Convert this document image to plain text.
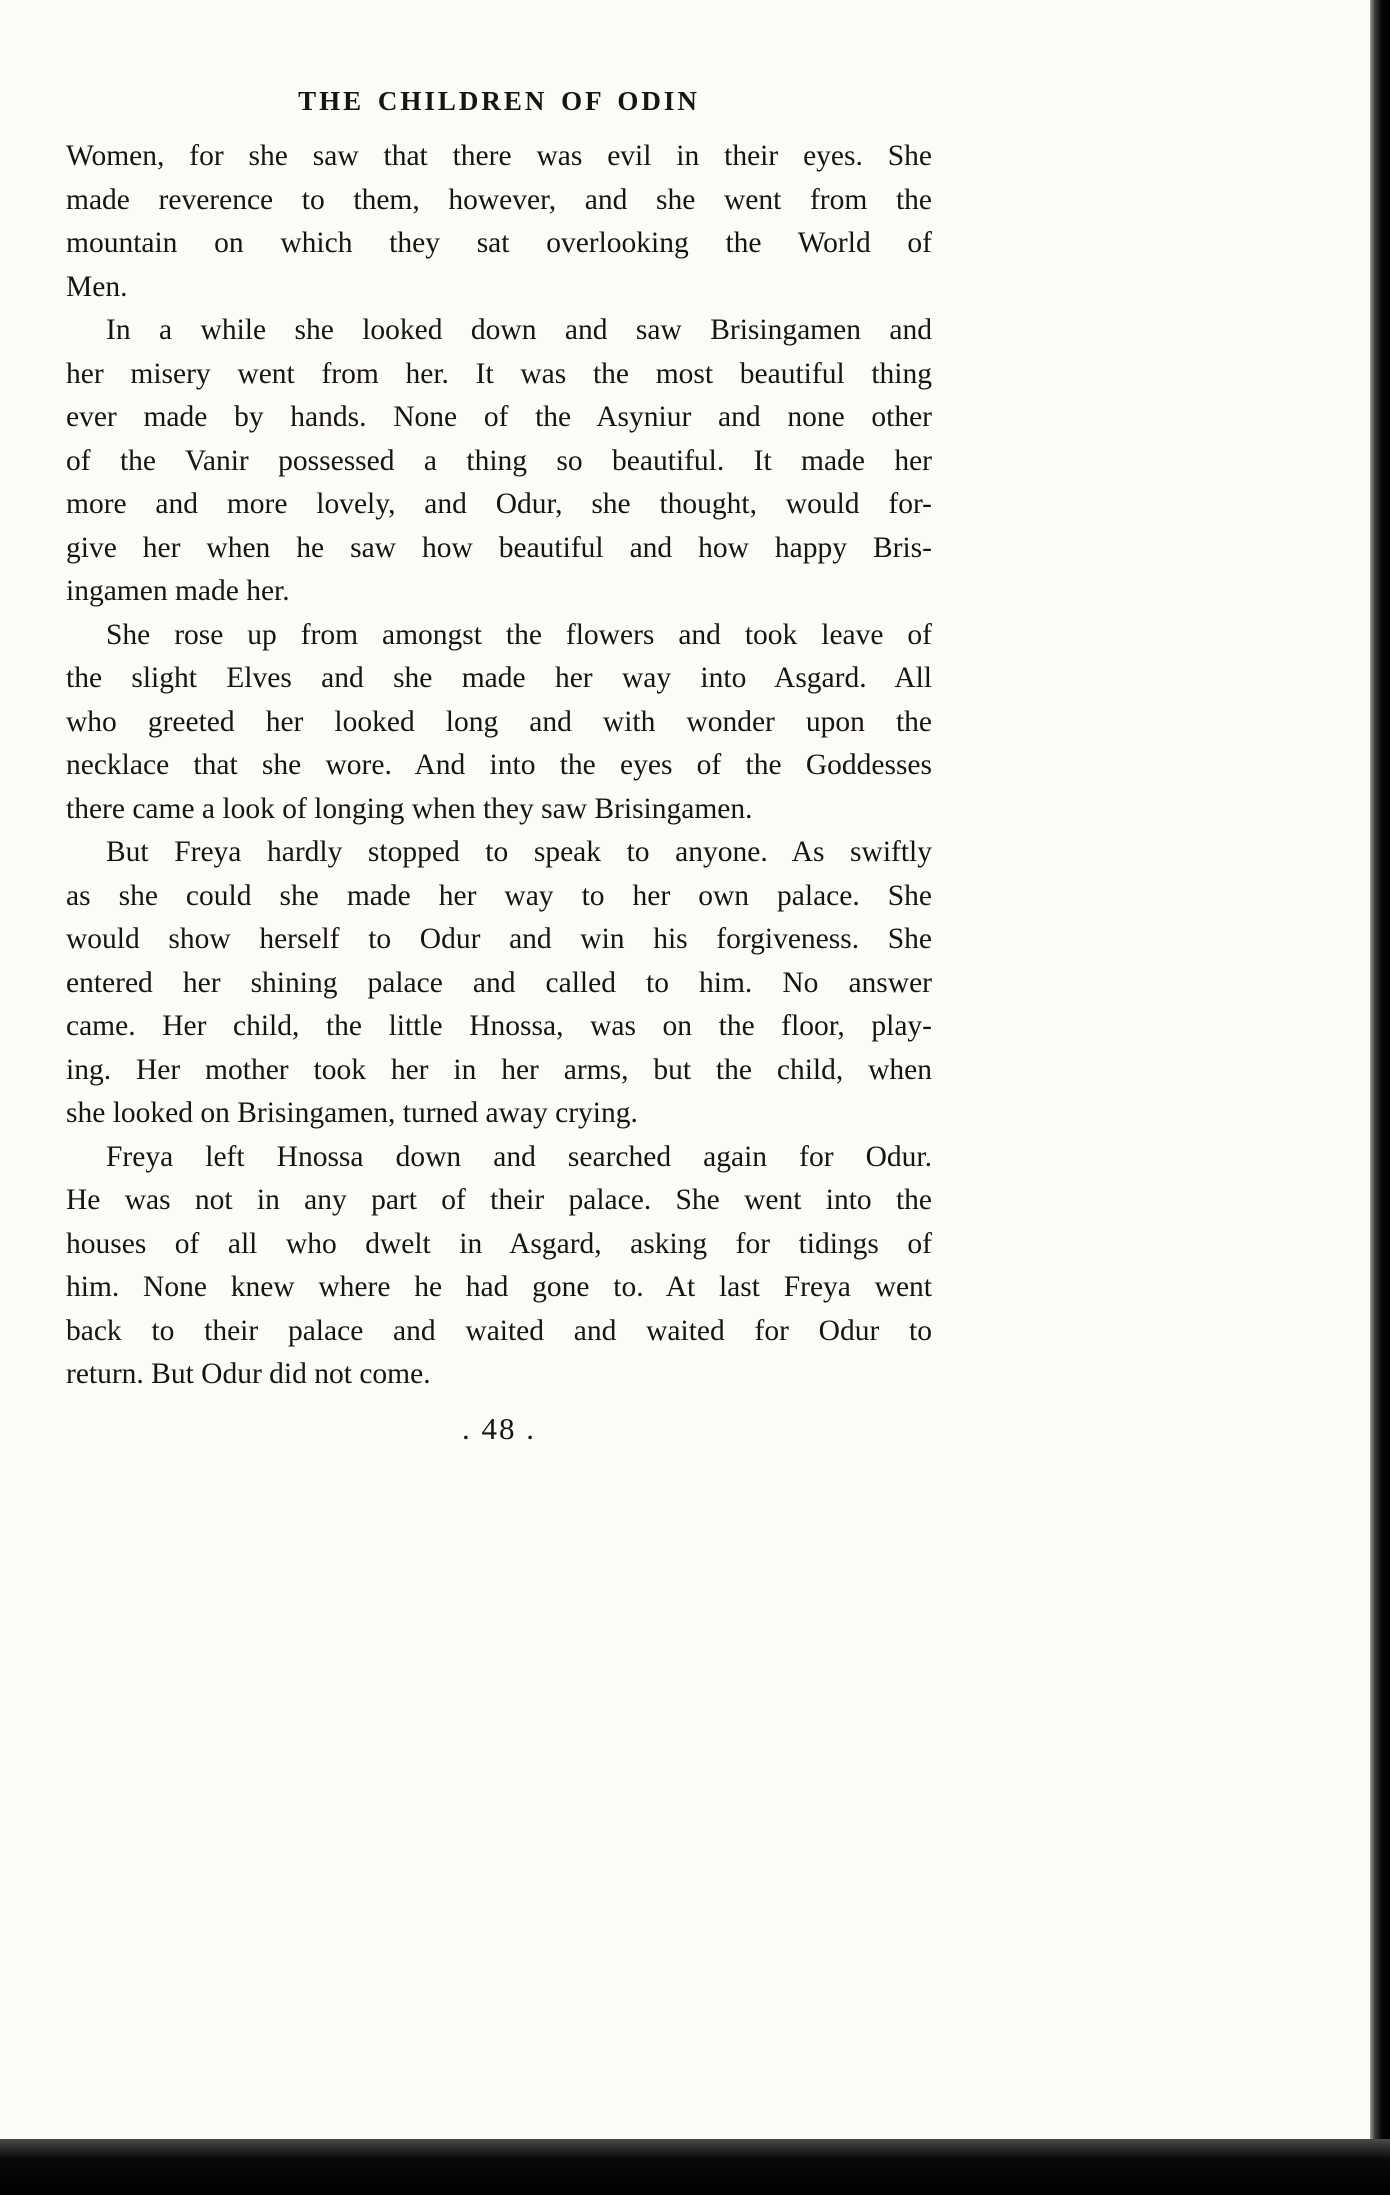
THE CHILDREN OF ODIN
Women, for she saw that there was evil in their eyes. She
made reverence to them, however, and she went from the
mountain on which they sat overlooking the World of
Men.
In a while she looked down and saw Brisingamen and
her misery went from her. It was the most beautiful thing
ever made by hands. None of the Asyniur and none other
of the Vanir possessed a thing so beautiful. It made her
more and more lovely, and Odur, she thought, would for-
give her when he saw how beautiful and how happy Bris-
ingamen made her.
She rose up from amongst the flowers and took leave of
the slight Elves and she made her way into Asgard. All
who greeted her looked long and with wonder upon the
necklace that she wore. And into the eyes of the Goddesses
there came a look of longing when they saw Brisingamen.
But Freya hardly stopped to speak to anyone. As swiftly
as she could she made her way to her own palace. She
would show herself to Odur and win his forgiveness. She
entered her shining palace and called to him. No answer
came. Her child, the little Hnossa, was on the floor, play-
ing. Her mother took her in her arms, but the child, when
she looked on Brisingamen, turned away crying.
Freya left Hnossa down and searched again for Odur.
He was not in any part of their palace. She went into the
houses of all who dwelt in Asgard, asking for tidings of
him. None knew where he had gone to. At last Freya went
back to their palace and waited and waited for Odur to
return. But Odur did not come.
. 48 .
